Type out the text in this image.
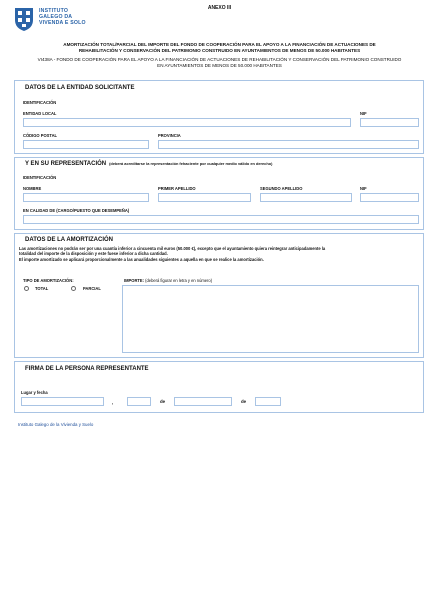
INSTITUTO
GALEGO DA
VIVENDA E SOLO
ANEXO III
AMORTIZACIÓN TOTAL/PARCIAL DEL IMPORTE DEL FONDO DE COOPERACIÓN PARA EL APOYO A LA FINANCIACIÓN DE ACTUACIONES DE
REHABILITACIÓN Y CONSERVACIÓN DEL PATRIMONIO CONSTRUIDO EN AYUNTAMIENTOS DE MENOS DE 50.000 HABITANTES
VI438A - FONDO DE COOPERACIÓN PARA EL APOYO A LA FINANCIACIÓN DE ACTUACIONES DE REHABILITACIÓN Y CONSERVACIÓN DEL PATRIMONIO CONSTRUIDO
EN AYUNTAMIENTOS DE MENOS DE 50.000 HABITANTES
DATOS DE LA ENTIDAD SOLICITANTE
IDENTIFICACIÓN
ENTIDAD LOCAL	NIF
CÓDIGO POSTAL	PROVINCIA
Y EN SU REPRESENTACIÓN (deberá acreditarse la representación fehaciente por cualquier medio válido en derecho)
IDENTIFICACIÓN
NOMBRE	PRIMER APELLIDO	SEGUNDO APELLIDO	NIF
EN CALIDAD DE (CARGO/PUESTO QUE DESEMPEÑA)
DATOS DE LA AMORTIZACIÓN
Las amortizaciones no podrán ser por una cuantía inferior a cincuenta mil euros (50.000 €), excepto que el ayuntamiento quiera reintegrar anticipadamente la
totalidad del importe de la disposición y este fuese inferior a dicha cantidad.
El importe amortizado se aplicará proporcionalmente a las anualidades siguientes a aquella en que se realice la amortización.
TIPO DE AMORTIZACIÓN:
TOTAL	PARCIAL
IMPORTE: (deberá figurar en letra y en número)
FIRMA DE LA PERSONA REPRESENTANTE
Lugar y fecha
,	de	de
Instituto Galego de la Vivienda y Suelo
